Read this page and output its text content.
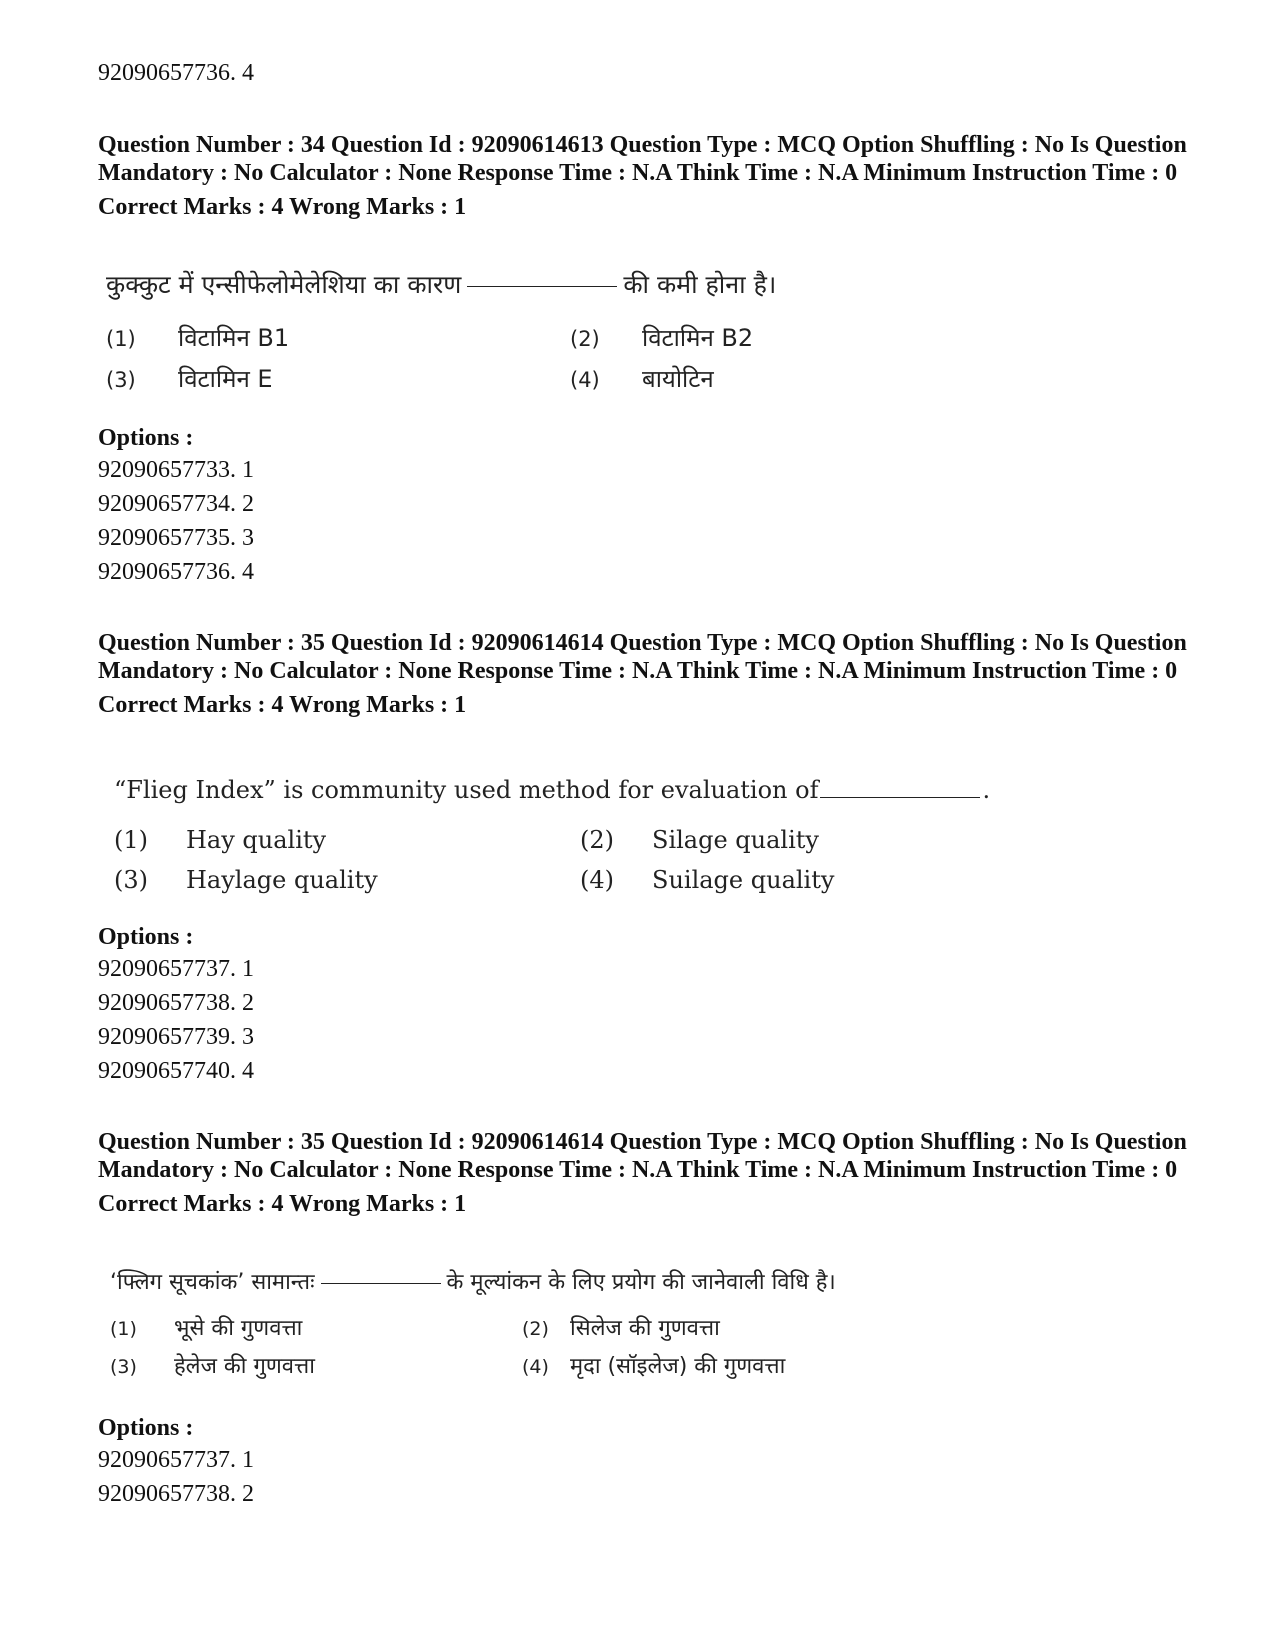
92090657736. 4
Question Number : 34 Question Id : 92090614613 Question Type : MCQ Option Shuffling : No Is Question Mandatory : No Calculator : None Response Time : N.A Think Time : N.A Minimum Instruction Time : 0
Correct Marks : 4 Wrong Marks : 1
कुक्कुट में एन्सीफेलोमेलेशिया का कारण	की कमी होना है।
(1) विटामिन B1	(2) विटामिन B2
(3) विटामिन E	(4) बायोटिन
Options :
92090657733. 1
92090657734. 2
92090657735. 3
92090657736. 4
Question Number : 35 Question Id : 92090614614 Question Type : MCQ Option Shuffling : No Is Question Mandatory : No Calculator : None Response Time : N.A Think Time : N.A Minimum Instruction Time : 0
Correct Marks : 4 Wrong Marks : 1
“Flieg Index” is community used method for evaluation of	.
(1) Hay quality	(2) Silage quality
(3) Haylage quality	(4) Suilage quality
Options :
92090657737. 1
92090657738. 2
92090657739. 3
92090657740. 4
Question Number : 35 Question Id : 92090614614 Question Type : MCQ Option Shuffling : No Is Question Mandatory : No Calculator : None Response Time : N.A Think Time : N.A Minimum Instruction Time : 0
Correct Marks : 4 Wrong Marks : 1
‘फ्लिग सूचकांक’ सामान्तः	के मूल्यांकन के लिए प्रयोग की जानेवाली विधि है।
(1) भूसे की गुणवत्ता	(2) सिलेज की गुणवत्ता
(3) हेलेज की गुणवत्ता	(4) मृदा (सॉइलेज) की गुणवत्ता
Options :
92090657737. 1
92090657738. 2
